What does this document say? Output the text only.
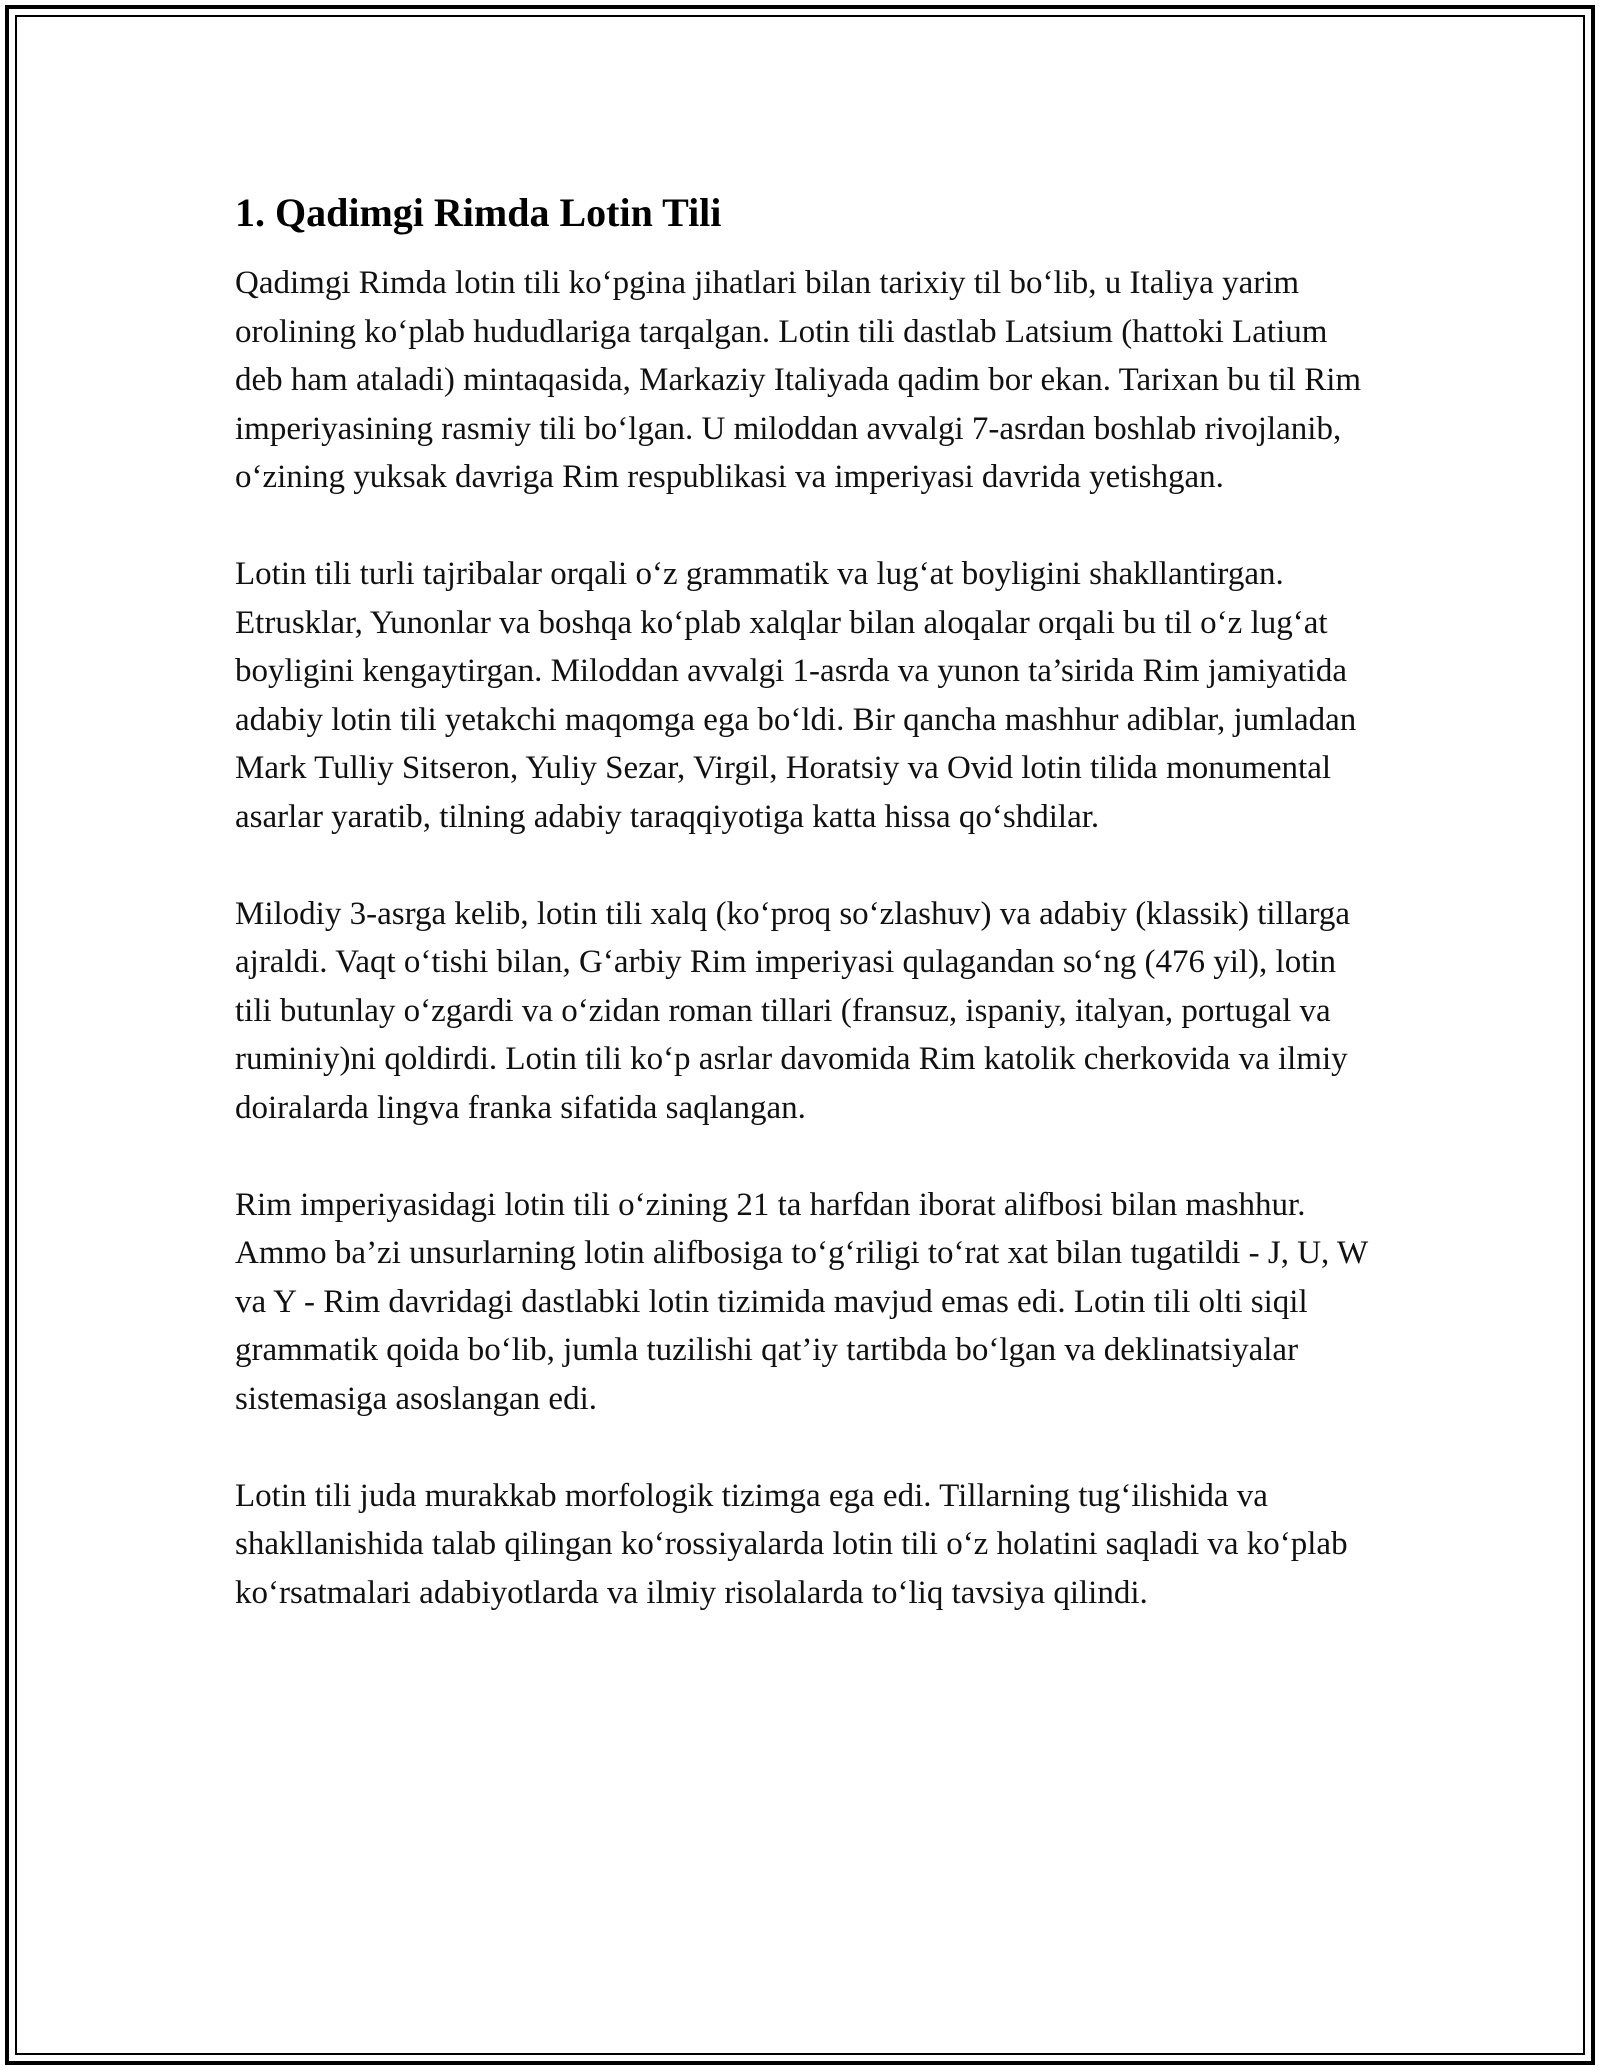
1. Qadimgi Rimda Lotin Tili

Qadimgi Rimda lotin tili ko‘pgina jihatlari bilan tarixiy til bo‘lib, u Italiya yarim orolining ko‘plab hududlariga tarqalgan. Lotin tili dastlab Latsium (hattoki Latium deb ham ataladi) mintaqasida, Markaziy Italiyada qadim bor ekan. Tarixan bu til Rim imperiyasining rasmiy tili bo‘lgan. U miloddan avvalgi 7-asrdan boshlab rivojlanib, o‘zining yuksak davriga Rim respublikasi va imperiyasi davrida yetishgan.

Lotin tili turli tajribalar orqali o‘z grammatik va lug‘at boyligini shakllantirgan. Etrusklar, Yunonlar va boshqa ko‘plab xalqlar bilan aloqalar orqali bu til o‘z lug‘at boyligini kengaytirgan. Miloddan avvalgi 1-asrda va yunon ta’sirida Rim jamiyatida adabiy lotin tili yetakchi maqomga ega bo‘ldi. Bir qancha mashhur adiblar, jumladan Mark Tulliy Sitseron, Yuliy Sezar, Virgil, Horatsiy va Ovid lotin tilida monumental asarlar yaratib, tilning adabiy taraqqiyotiga katta hissa qo‘shdilar.

Milodiy 3-asrga kelib, lotin tili xalq (ko‘proq so‘zlashuv) va adabiy (klassik) tillarga ajraldi. Vaqt o‘tishi bilan, G‘arbiy Rim imperiyasi qulagandan so‘ng (476 yil), lotin tili butunlay o‘zgardi va o‘zidan roman tillari (fransuz, ispaniy, italyan, portugal va ruminiy)ni qoldirdi. Lotin tili ko‘p asrlar davomida Rim katolik cherkovida va ilmiy doiralarda lingva franka sifatida saqlangan.

Rim imperiyasidagi lotin tili o‘zining 21 ta harfdan iborat alifbosi bilan mashhur. Ammo ba’zi unsurlarning lotin alifbosiga to‘g‘riligi to‘rat xat bilan tugatildi - J, U, W va Y - Rim davridagi dastlabki lotin tizimida mavjud emas edi. Lotin tili olti siqil grammatik qoida bo‘lib, jumla tuzilishi qat’iy tartibda bo‘lgan va deklinatsiyalar sistemasiga asoslangan edi.

Lotin tili juda murakkab morfologik tizimga ega edi. Tillarning tug‘ilishida va shakllanishida talab qilingan ko‘rossiyalarda lotin tili o‘z holatini saqladi va ko‘plab ko‘rsatmalari adabiyotlarda va ilmiy risolalarda to‘liq tavsiya qilindi.
